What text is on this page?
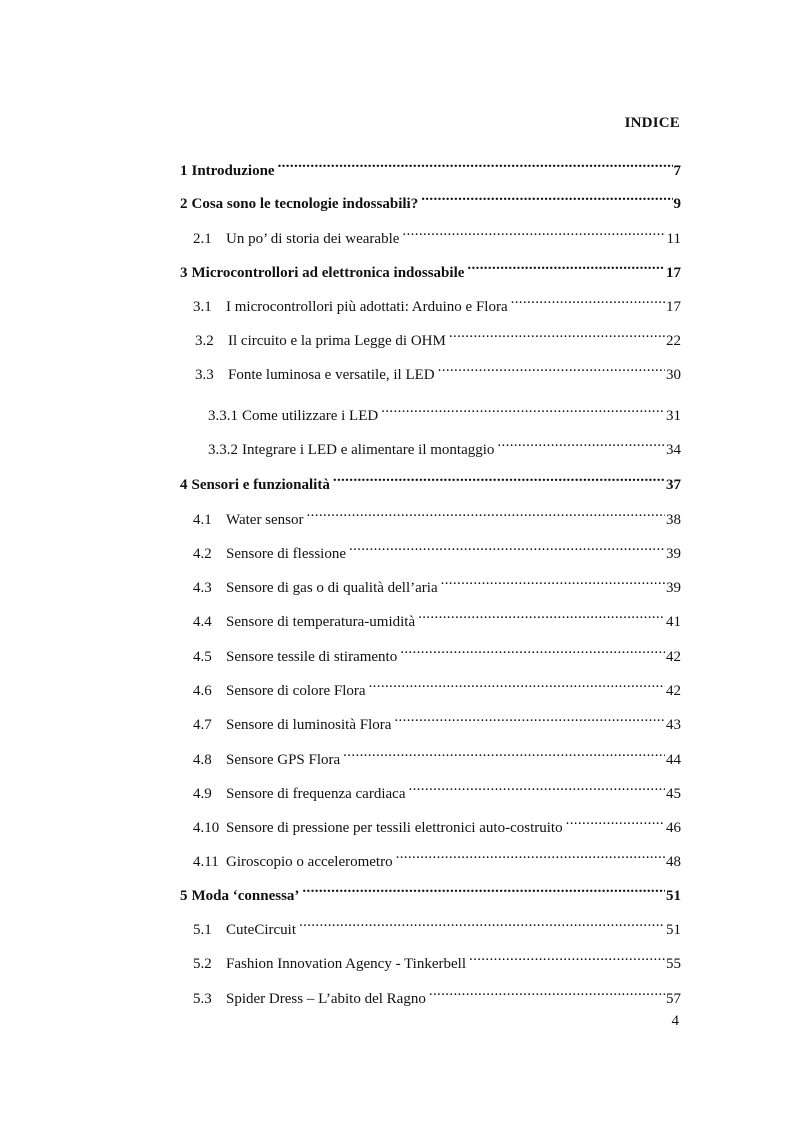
INDICE
1 Introduzione .....	7
2 Cosa sono le tecnologie indossabili? .....	9
2.1 Un po’ di storia dei wearable .....	11
3 Microcontrollori ad elettronica indossabile .....	17
3.1 I microcontrollori più adottati: Arduino e Flora .....	17
3.2 Il circuito e la prima Legge di OHM .....	22
3.3 Fonte luminosa e versatile, il LED .....	30
3.3.1 Come utilizzare i LED .....	31
3.3.2 Integrare i LED e alimentare il montaggio .....	34
4 Sensori e funzionalità .....	37
4.1 Water sensor .....	38
4.2 Sensore di flessione .....	39
4.3 Sensore di gas o di qualità dell’aria .....	39
4.4 Sensore di temperatura-umidità .....	41
4.5 Sensore tessile di stiramento .....	42
4.6 Sensore di colore Flora .....	42
4.7 Sensore di luminosità Flora .....	43
4.8 Sensore GPS Flora .....	44
4.9 Sensore di frequenza cardiaca .....	45
4.10 Sensore di pressione per tessili elettronici auto-costruito .....	46
4.11 Giroscopio o accelerometro .....	48
5 Moda ‘connessa’ .....	51
5.1 CuteCircuit .....	51
5.2 Fashion Innovation Agency - Tinkerbell .....	55
5.3 Spider Dress – L’abito del Ragno .....	57
4
